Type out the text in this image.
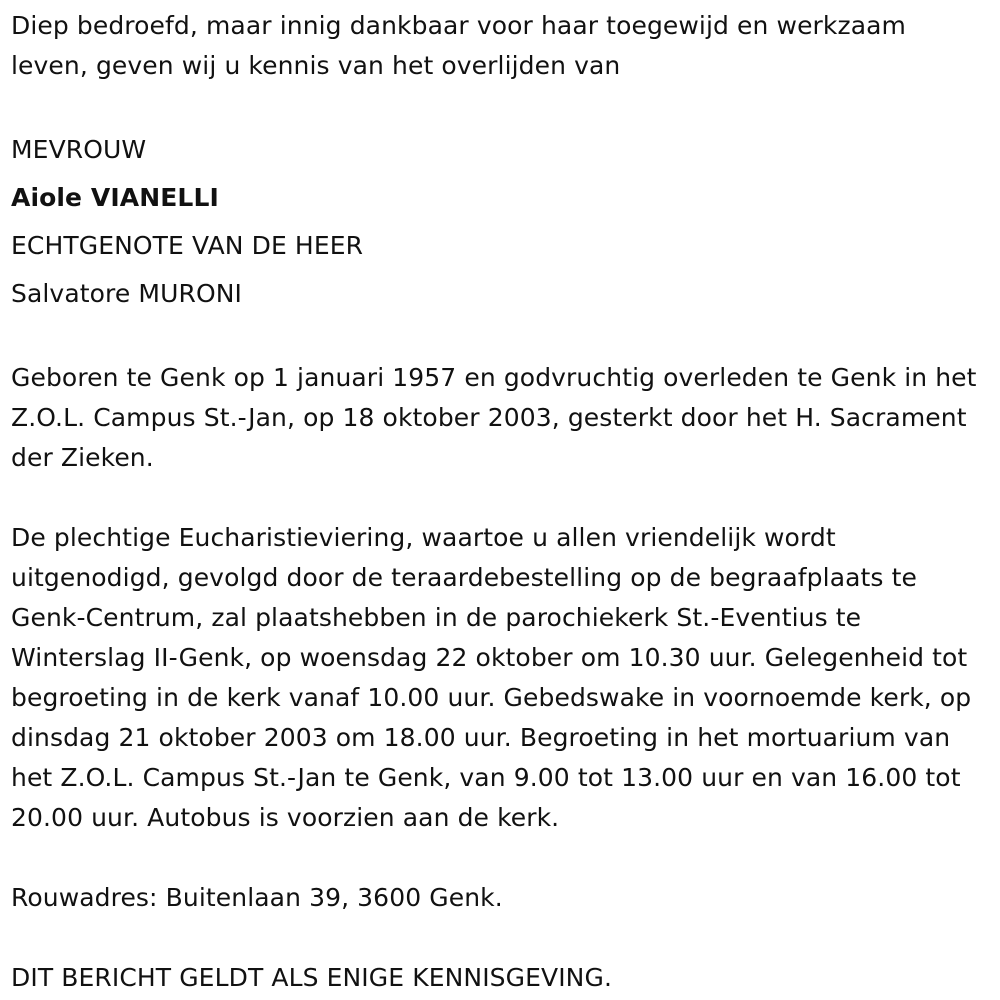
Diep bedroefd, maar innig dankbaar voor haar toegewijd en werkzaam leven, geven wij u kennis van het overlijden van

MEVROUW
Aiole VIANELLI
ECHTGENOTE VAN DE HEER
Salvatore MURONI

Geboren te Genk op 1 januari 1957 en godvruchtig overleden te Genk in het Z.O.L. Campus St.-Jan, op 18 oktober 2003, gesterkt door het H. Sacrament der Zieken.

De plechtige Eucharistieviering, waartoe u allen vriendelijk wordt uitgenodigd, gevolgd door de teraardebestelling op de begraafplaats te Genk-Centrum, zal plaatshebben in de parochiekerk St.-Eventius te Winterslag II-Genk, op woensdag 22 oktober om 10.30 uur. Gelegenheid tot begroeting in de kerk vanaf 10.00 uur. Gebedswake in voornoemde kerk, op dinsdag 21 oktober 2003 om 18.00 uur. Begroeting in het mortuarium van het Z.O.L. Campus St.-Jan te Genk, van 9.00 tot 13.00 uur en van 16.00 tot 20.00 uur. Autobus is voorzien aan de kerk.

Rouwadres: Buitenlaan 39, 3600 Genk.

DIT BERICHT GELDT ALS ENIGE KENNISGEVING.
